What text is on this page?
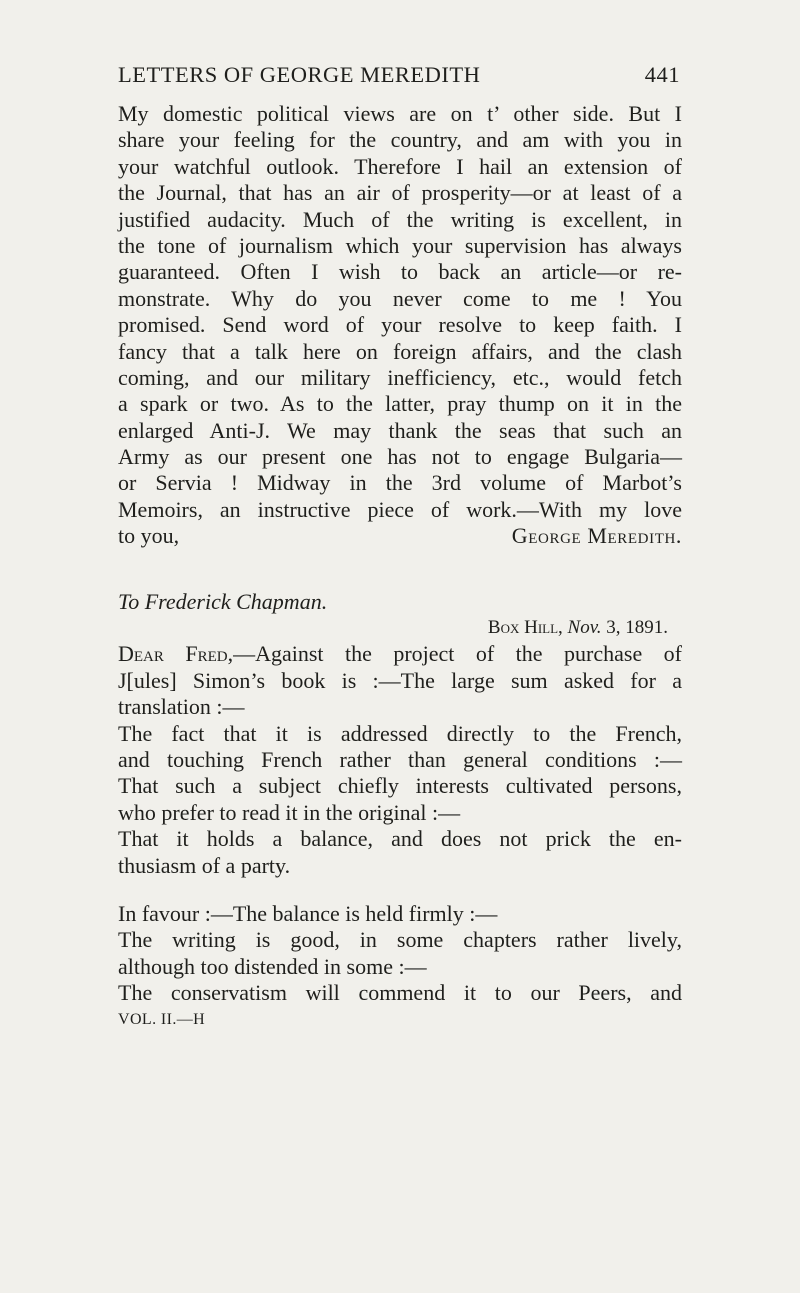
LETTERS OF GEORGE MEREDITH	441
My domestic political views are on t’ other side. But I
share your feeling for the country, and am with you in
your watchful outlook. Therefore I hail an extension of
the Journal, that has an air of prosperity—or at least of a
justified audacity. Much of the writing is excellent, in
the tone of journalism which your supervision has always
guaranteed. Often I wish to back an article—or re-
monstrate. Why do you never come to me ! You
promised. Send word of your resolve to keep faith. I
fancy that a talk here on foreign affairs, and the clash
coming, and our military inefficiency, etc., would fetch
a spark or two. As to the latter, pray thump on it in the
enlarged Anti-J. We may thank the seas that such an
Army as our present one has not to engage Bulgaria—
or Servia ! Midway in the 3rd volume of Marbot’s
Memoirs, an instructive piece of work.—With my love
to you,	George Meredith.
To Frederick Chapman.
Box Hill, Nov. 3, 1891.
Dear Fred,—Against the project of the purchase of
J[ules] Simon’s book is :—The large sum asked for a
translation :—
The fact that it is addressed directly to the French,
and touching French rather than general conditions :—
That such a subject chiefly interests cultivated persons,
who prefer to read it in the original :—
That it holds a balance, and does not prick the en-
thusiasm of a party.
In favour :—The balance is held firmly :—
The writing is good, in some chapters rather lively,
although too distended in some :—
The conservatism will commend it to our Peers, and
VOL. II.—H
